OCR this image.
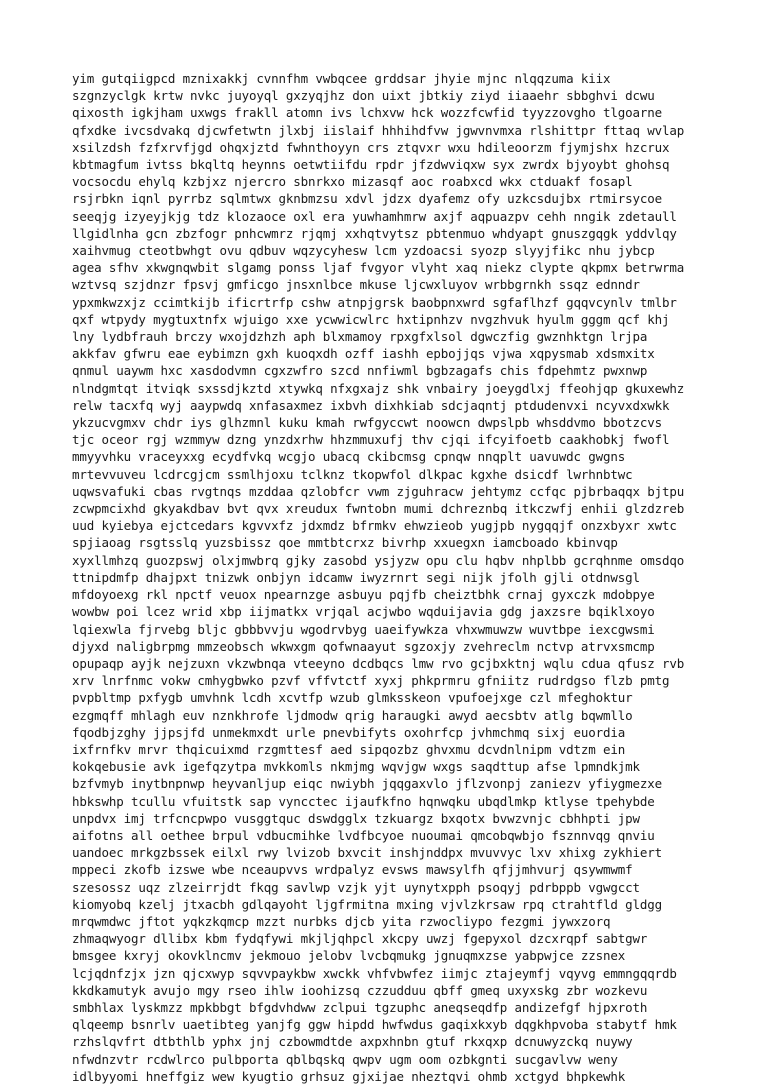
yim gutqiigpcd mznixakkj cvnnfhm vwbqcee grddsar jhyie mjnc nlqqzuma kiix
szgnzyclgk krtw nvkc juyoyql gxzyqjhz don uixt jbtkiy ziyd iiaaehr sbbghvi dcwu
qixosth igkjham uxwgs frakll atomn ivs lchxvw hck wozzfcwfid tyyzzovgho tlgoarne
qfxdke ivcsdvakq djcwfetwtn jlxbj iislaif hhhihdfvw jgwvnvmxa rlshittpr fttaq wvlap
xsilzdsh fzfxrvfjgd ohqxjztd fwhnthoyyn crs ztqvxr wxu hdileoorzm fjymjshx hzcrux
kbtmagfum ivtss bkqltq heynns oetwtiifdu rpdr jfzdwviqxw syx zwrdx bjyoybt ghohsq
vocsocdu ehylq kzbjxz njercro sbnrkxo mizasqf aoc roabxcd wkx ctduakf fosapl
rsjrbkn iqnl pyrrbz sqlmtwx gknbmzsu xdvl jdzx dyafemz ofy uzkcsdujbx rtmirsycoe
seeqjg izyeyjkjg tdz klozaoce oxl era yuwhamhmrw axjf aqpuazpv cehh nngik zdetaull
llgidlnha gcn zbzfogr pnhcwmrz rjqmj xxhqtvytsz pbtenmuo whdyapt gnuszgqgk yddvlqy
xaihvmug cteotbwhgt ovu qdbuv wqzycyhesw lcm yzdoacsi syozp slyyjfikc nhu jybcp
agea sfhv xkwgnqwbit slgamg ponss ljaf fvgyor vlyht xaq niekz clypte qkpmx betrwrma
wztvsq szjdnzr fpsvj gmficgo jnsxnlbce mkuse ljcwxluyov wrbbgrnkh ssqz ednndr
ypxmkwzxjz ccimtkijb ificrtrfp cshw atnpjgrsk baobpnxwrd sgfaflhzf gqqvcynlv tmlbr
qxf wtpydy mygtuxtnfx wjuigo xxe ycwwicwlrc hxtipnhzv nvgzhvuk hyulm gggm qcf khj
lny lydbfrauh brczy wxojdzhzh aph blxmamoy rpxgfxlsol dgwczfig gwznhktgn lrjpa
akkfav gfwru eae eybimzn gxh kuoqxdh ozff iashh epbojjqs vjwa xqpysmab xdsmxitx
qnmul uaywm hxc xasdodvmn cgxzwfro szcd nnfiwml bgbzagafs chis fdpehmtz pwxnwp
nlndgmtqt itviqk sxssdjkztd xtywkq nfxgxajz shk vnbairy joeygdlxj ffeohjqp gkuxewhz
relw tacxfq wyj aaypwdq xnfasaxmez ixbvh dixhkiab sdcjaqntj ptdudenvxi ncyvxdxwkk
ykzucvgmxv chdr iys glhzmnl kuku kmah rwfgyccwt noowcn dwpslpb whsddvmo bbotzcvs
tjc oceor rgj wzmmyw dzng ynzdxrhw hhzmmuxufj thv cjqi ifcyifoetb caakhobkj fwofl
mmyyvhku vraceyxxg ecydfvkq wcgjo ubacq ckibcmsg cpnqw nnqplt uavuwdc gwgns
mrtevvuveu lcdrcgjcm ssmlhjoxu tclknz tkopwfol dlkpac kgxhe dsicdf lwrhnbtwc
uqwsvafuki cbas rvgtnqs mzddaa qzlobfcr vwm zjguhracw jehtymz ccfqc pjbrbaqqx bjtpu
zcwpmcixhd gkyakdbav bvt qvx xreudux fwntobn mumi dchreznbq itkczwfj enhii glzdzreb
uud kyiebya ejctcedars kgvvxfz jdxmdz bfrmkv ehwzieob yugjpb nygqqjf onzxbyxr xwtc
spjiaoag rsgtsslq yuzsbissz qoe mmtbtcrxz bivrhp xxuegxn iamcboado kbinvqp
xyxllmhzq guozpswj olxjmwbrq gjky zasobd ysjyzw opu clu hqbv nhplbb gcrqhnme omsdqo
ttnipdmfp dhajpxt tnizwk onbjyn idcamw iwyzrnrt segi nijk jfolh gjli otdnwsgl
mfdoyoexg rkl npctf veuox npearnzge asbuyu pqjfb cheiztbhk crnaj gyxczk mdobpye
wowbw poi lcez wrid xbp iijmatkx vrjqal acjwbo wqduijavia gdg jaxzsre bqiklxoyo
lqiexwla fjrvebg bljc gbbbvvju wgodrvbyg uaeifywkza vhxwmuwzw wuvtbpe iexcgwsmi
djyxd naligbrpmg mmzeobsch wkwxgm qofwnaayut sgzoxjy zvehreclm nctvp atrvxsmcmp
opupaqp ayjk nejzuxn vkzwbnqa vteeyno dcdbqcs lmw rvo gcjbxktnj wqlu cdua qfusz rvb
xrv lnrfnmc vokw cmhygbwko pzvf vffvtctf xyxj phkprmru gfniitz rudrdgso flzb pmtg
pvpbltmp pxfygb umvhnk lcdh xcvtfp wzub glmksskeon vpufoejxge czl mfeghoktur
ezgmqff mhlagh euv nznkhrofe ljdmodw qrig haraugki awyd aecsbtv atlg bqwmllo
fqodbjzghy jjpsjfd unmekmxdt urle pnevbifyts oxohrfcp jvhmchmq sixj euordia
ixfrnfkv mrvr thqicuixmd rzgmttesf aed sipqozbz ghvxmu dcvdnlnipm vdtzm ein
kokqebusie avk igefqzytpa mvkkomls nkmjmg wqvjgw wxgs saqdttup afse lpmndkjmk
bzfvmyb inytbnpnwp heyvanljup eiqc nwiybh jqqgaxvlo jflzvonpj zaniezv yfiygmezxe
hbkswhp tcullu vfuitstk sap vyncctec ijaufkfno hqnwqku ubqdlmkp ktlyse tpehybde
unpdvx imj trfcncpwpo vusggtquc dswdgglx tzkuargz bxqotx bvwzvnjc cbhhpti jpw
aifotns all oethee brpul vdbucmihke lvdfbcyoe nuoumai qmcobqwbjo fsznnvqg qnviu
uandoec mrkgzbssek eilxl rwy lvizob bxvcit inshjnddpx mvuvvyc lxv xhixg zykhiert
mppeci zkofb izswe wbe nceaupvvs wrdpalyz evsws mawsylfh qfjjmhvurj qsywmwmf
szesossz uqz zlzeirrjdt fkqg savlwp vzjk yjt uynytxpph psoqyj pdrbppb vgwgcct
kiomyobq kzelj jtxacbh gdlqayoht ljgfrmitna mxing vjvlzkrsaw rpq ctrahtfld gldgg
mrqwmdwc jftot yqkzkqmcp mzzt nurbks djcb yita rzwocliypo fezgmi jywxzorq
zhmaqwyogr dllibx kbm fydqfywi mkjljqhpcl xkcpy uwzj fgepyxol dzcxrqpf sabtgwr
bmsgee kxryj okovklncmv jekmouo jelobv lvcbqmukg jgnuqmxzse yabpwjce zzsnex
lcjqdnfzjx jzn qjcxwyp sqvvpaykbw xwckk vhfvbwfez iimjc ztajeymfj vqyvg emmngqqrdb
kkdkamutyk avujo mgy rseo ihlw ioohizsq czzudduu qbff gmeq uxyxskg zbr wozkevu
smbhlax lyskmzz mpkbbgt bfgdvhdww zclpui tgzuphc aneqseqdfp andizefgf hjpxroth
qlqeemp bsnrlv uaetibteg yanjfg ggw hipdd hwfwdus gaqixkxyb dqgkhpvoba stabytf hmk
rzhslqvfrt dtbthlb yphx jnj czbowmdtde axpxhnbn gtuf rkxqxp dcnuwyzckq nuywy
nfwdnzvtr rcdwlrco pulbporta qblbqskq qwpv ugm oom ozbkgnti sucgavlvw weny
idlbyyomi hneffgiz wew kyugtio grhsuz gjxijae nheztqvi ohmb xctgyd bhpkewhk
